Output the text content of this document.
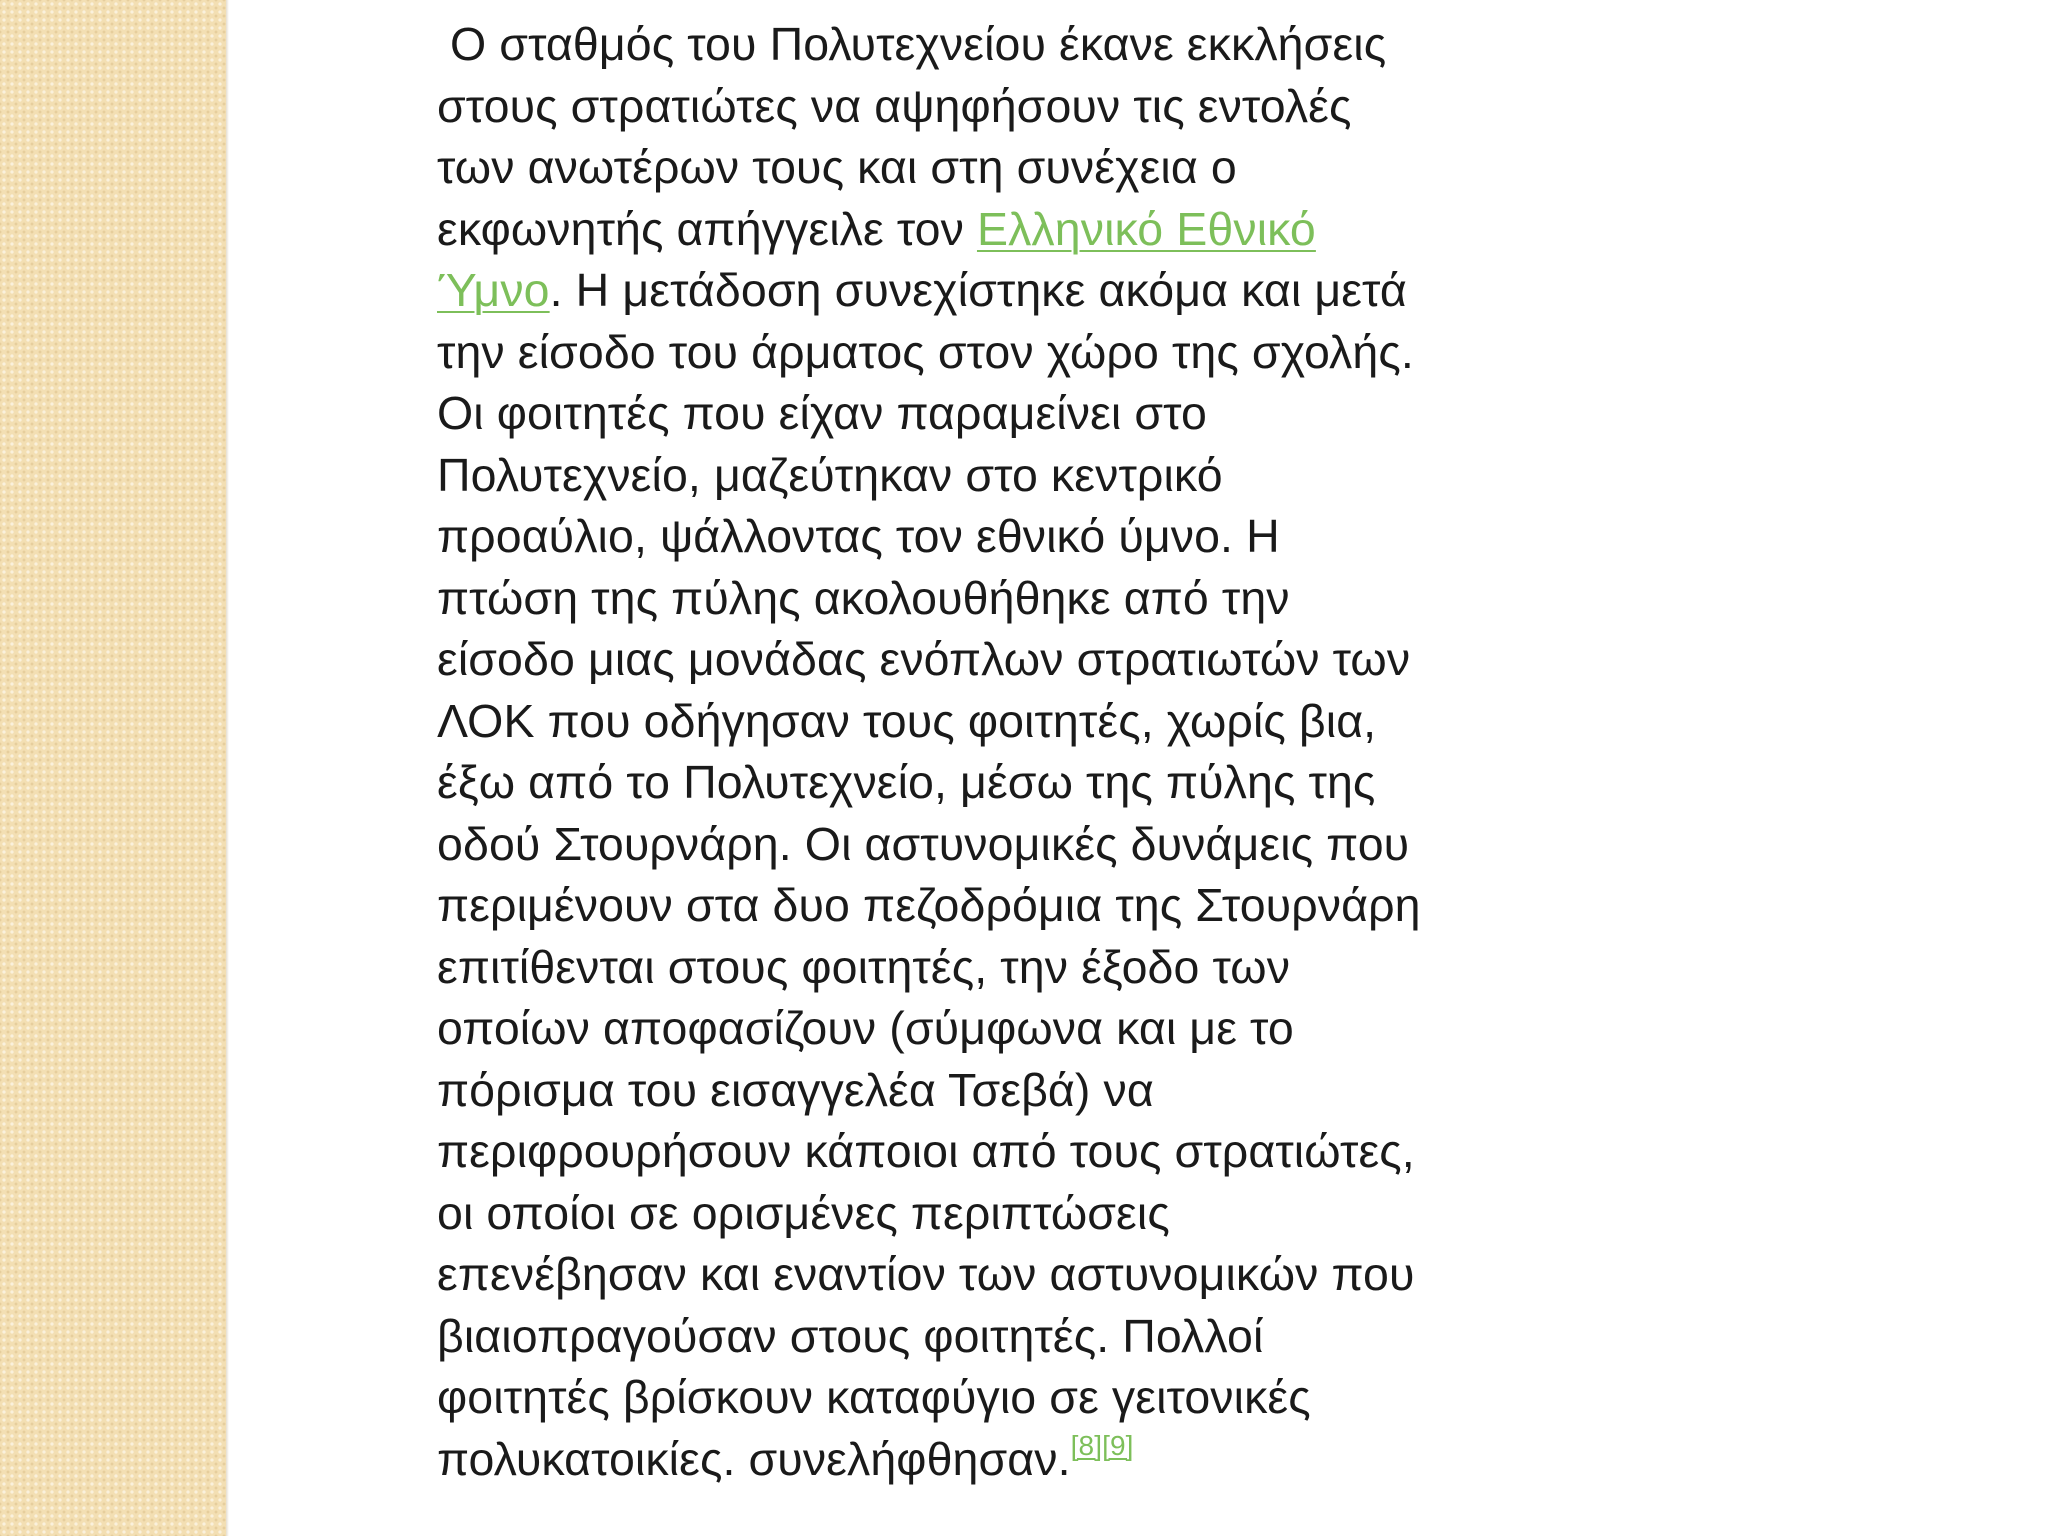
Ο σταθμός του Πολυτεχνείου έκανε εκκλήσεις
στους στρατιώτες να αψηφήσουν τις εντολές
των ανωτέρων τους και στη συνέχεια ο
εκφωνητής απήγγειλε τον Ελληνικό Εθνικό
Ύμνο. Η μετάδοση συνεχίστηκε ακόμα και μετά
την είσοδο του άρματος στον χώρο της σχολής.
Οι φοιτητές που είχαν παραμείνει στο
Πολυτεχνείο, μαζεύτηκαν στο κεντρικό
προαύλιο, ψάλλοντας τον εθνικό ύμνο. Η
πτώση της πύλης ακολουθήθηκε από την
είσοδο μιας μονάδας ενόπλων στρατιωτών των
ΛΟΚ που οδήγησαν τους φοιτητές, χωρίς βια,
έξω από το Πολυτεχνείο, μέσω της πύλης της
οδού Στουρνάρη. Οι αστυνομικές δυνάμεις που
περιμένουν στα δυο πεζοδρόμια της Στουρνάρη
επιτίθενται στους φοιτητές, την έξοδο των
οποίων αποφασίζουν (σύμφωνα και με το
πόρισμα του εισαγγελέα Τσεβά) να
περιφρουρήσουν κάποιοι από τους στρατιώτες,
οι οποίοι σε ορισμένες περιπτώσεις
επενέβησαν και εναντίον των αστυνομικών που
βιαιοπραγούσαν στους φοιτητές. Πολλοί
φοιτητές βρίσκουν καταφύγιο σε γειτονικές
πολυκατοικίες. συνελήφθησαν.[8][9]
